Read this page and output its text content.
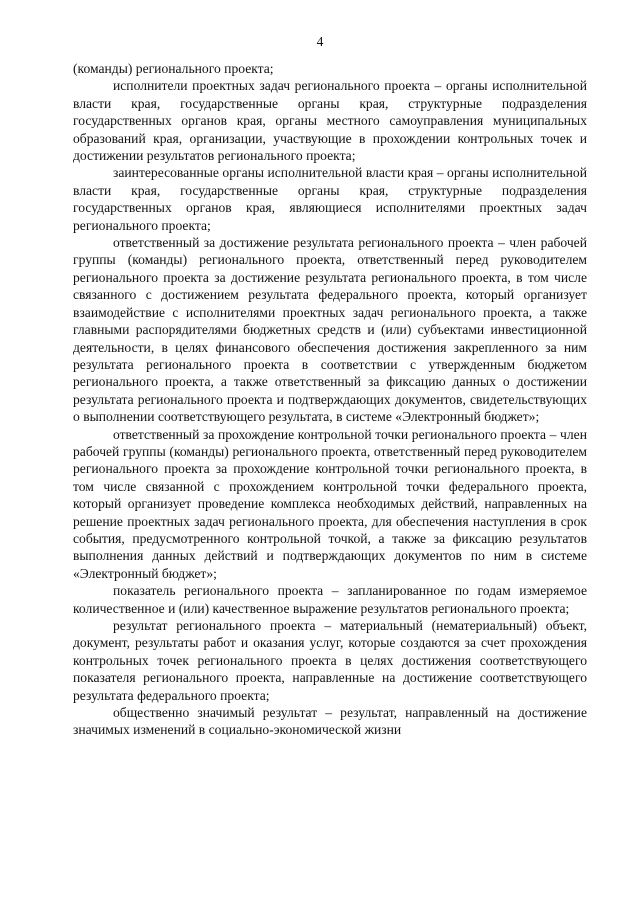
4

(команды) регионального проекта;

исполнители проектных задач регионального проекта – органы исполнительной власти края, государственные органы края, структурные подразделения государственных органов края, органы местного самоуправления муниципальных образований края, организации, участвующие в прохождении контрольных точек и достижении результатов регионального проекта;

заинтересованные органы исполнительной власти края – органы исполнительной власти края, государственные органы края, структурные подразделения государственных органов края, являющиеся исполнителями проектных задач регионального проекта;

ответственный за достижение результата регионального проекта – член рабочей группы (команды) регионального проекта, ответственный перед руководителем регионального проекта за достижение результата регионального проекта, в том числе связанного с достижением результата федерального проекта, который организует взаимодействие с исполнителями проектных задач регионального проекта, а также главными распорядителями бюджетных средств и (или) субъектами инвестиционной деятельности, в целях финансового обеспечения достижения закрепленного за ним результата регионального проекта в соответствии с утвержденным бюджетом регионального проекта, а также ответственный за фиксацию данных о достижении результата регионального проекта и подтверждающих документов, свидетельствующих о выполнении соответствующего результата, в системе «Электронный бюджет»;

ответственный за прохождение контрольной точки регионального проекта – член рабочей группы (команды) регионального проекта, ответственный перед руководителем регионального проекта за прохождение контрольной точки регионального проекта, в том числе связанной с прохождением контрольной точки федерального проекта, который организует проведение комплекса необходимых действий, направленных на решение проектных задач регионального проекта, для обеспечения наступления в срок события, предусмотренного контрольной точкой, а также за фиксацию результатов выполнения данных действий и подтверждающих документов по ним в системе «Электронный бюджет»;

показатель регионального проекта – запланированное по годам измеряемое количественное и (или) качественное выражение результатов регионального проекта;

результат регионального проекта – материальный (нематериальный) объект, документ, результаты работ и оказания услуг, которые создаются за счет прохождения контрольных точек регионального проекта в целях достижения соответствующего показателя регионального проекта, направленные на достижение соответствующего результата федерального проекта;

общественно значимый результат – результат, направленный на достижение значимых изменений в социально-экономической жизни
